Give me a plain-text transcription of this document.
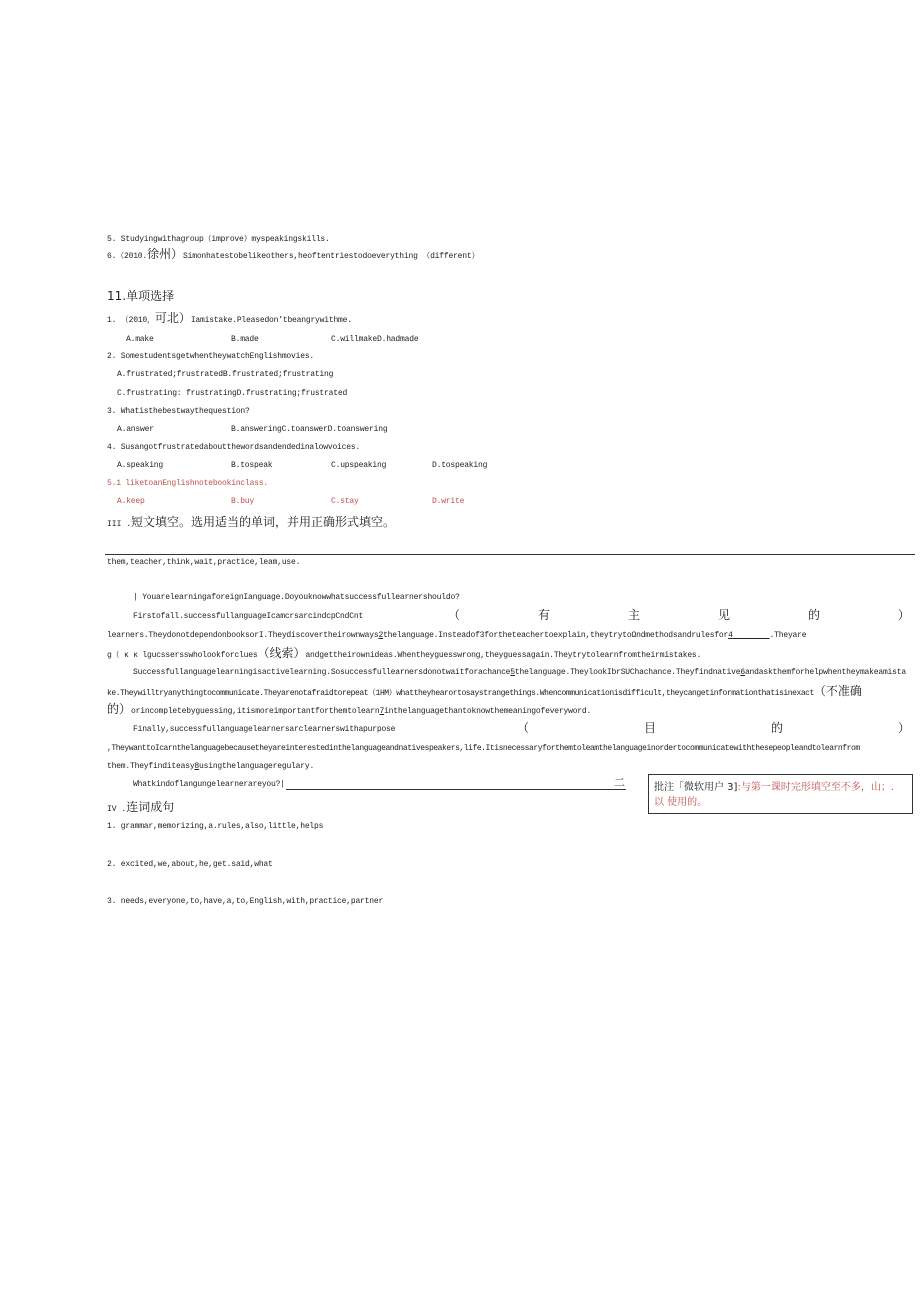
5. Studyingwithagroup（improve）myspeakingskills.
6.（2010.徐州）Simonhatestobelikeothers,heoftentriestodoeverything （different）
11.单项选择
1. （2010，可北）Iamistake.Pleasedon’tbeangrywithme.
A.make	B.made	C.willmakeD.hadmade
2. SomestudentsgetwhentheywatchEnglishmovies.
A.frustrated;frustratedB.frustrated;frustrating
C.frustrating: frustratingD.frustrating;frustrated
3. Whatisthebestwaythequestion?
A.answer	B.answeringC.toanswerD.toanswering
4. Susangotfrustratedaboutthewordsandendedinalowvoices.
A.speaking	B.tospeak	C.upspeaking	D.tospeaking
5.1 liketoanEnglishnotebookinclass.
A.keep	B.buy	C.stay	D.write
III .短文填空。选用适当的单词，并用正确形式填空。
them,teacher,think,wait,practice,leam,use.
| YouarelearningaforeignIanguage.Doyouknowwhatsuccessfullearnershouldo?
Firstofall.successfullanguageIcamcrsarcindcpCndCnt	（	有	主	见	的	）
learners.TheydonotdependonbooksorI.Theydiscovertheirownways2thelanguage.Insteadof3fortheteachertoexplain,theytrytoΩndmethodsandrulesfor4	.Theyare
g（ κ κ lgucssersswholookforclues（线索）andgettheirownideas.Whentheyguesswrong,theyguessagain.Theytrytolearnfromtheirmistakes.
Successfullanguagelearningisactivelearning.Sosuccessfullearnersdonotwaitforachance5thelanguage.TheylookIbrSUChachance.Theyfindnative6andaskthemforhelpwhentheymakeamista
ke.Theywilltryanythingtocommunicate.Theyarenotafraidtorepeat（1HM）whattheyhearortosaystrangethings.Whencommunicationisdifficult,theycangetinformationthatisinexact（不准确
的）orincompletebyguessing,itismoreimportantforthemtolearn7inthelanguagethantoknowthemeaningofeveryword.
Finally,successfullanguagelearnersarclearnerswithapurpose	（	目	的	）
,TheywanttoIcarnthelanguagebecausetheyareinterestedinthelanguageandnativespeakers,life.Itisnecessaryforthemtoleamthelanguageinordertocommunicatewiththesepeopleandtolearnfrom
them.Theyfinditeasy8usingthelanguageregulary.
Whatkindoflangungelearnerareyou?|	二	批注「微软用户 3]:与第一课时完形填空至不多，山；.
以 使用的。
IV .连词成句
1. grammar,memorizing,a.rules,also,little,helps
2. excited,we,about,he,get.said,what
3. needs,everyone,to,have,a,to,English,with,practice,partner
